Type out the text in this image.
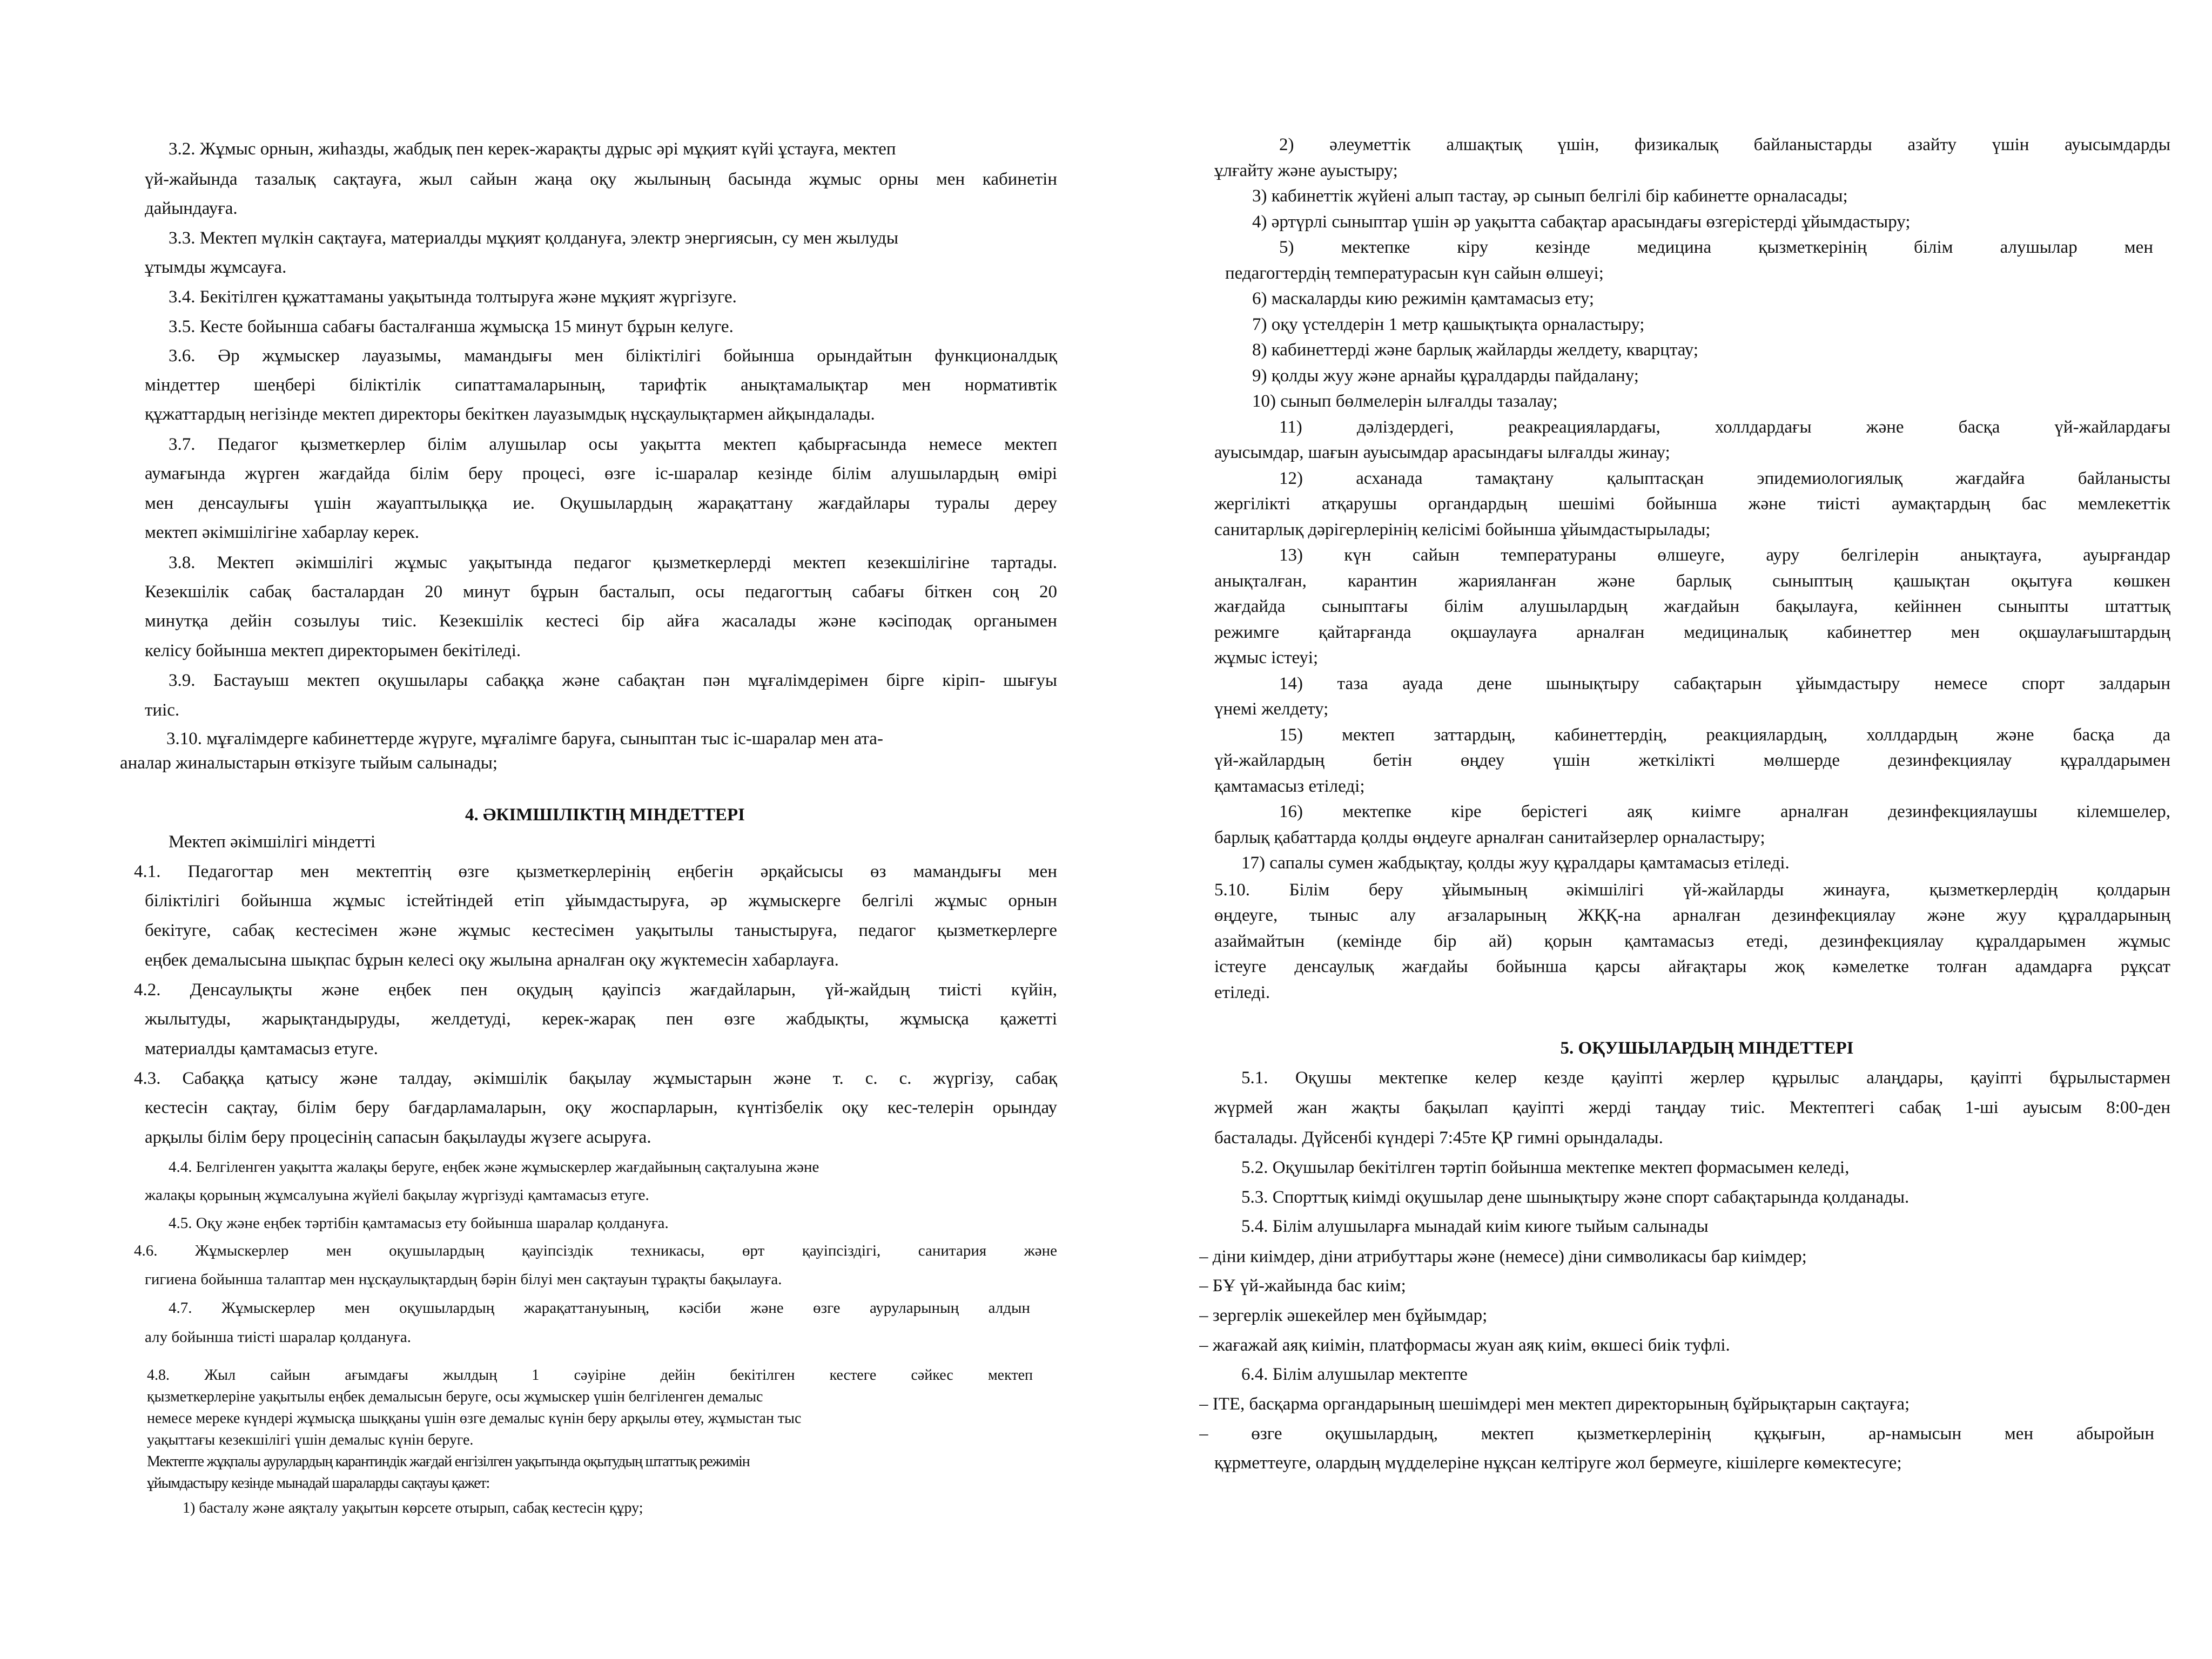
3.2. Жұмыс орнын, жиһазды, жабдық пен керек-жарақты дұрыс әрі мұқият күйі ұстауға, мектеп
үй-жайында тазалық сақтауға, жыл сайын жаңа оқу жылының басында жұмыс орны мен кабинетін
дайындауға.
3.3. Мектеп мүлкін сақтауға, материалды мұқият қолдануға, электр энергиясын, су мен жылуды
ұтымды жұмсауға.
3.4. Бекітілген құжаттаманы уақытында толтыруға және мұқият жүргізуге.
3.5. Кесте бойынша сабағы басталғанша жұмысқа 15 минут бұрын келуге.
3.6. Әр жұмыскер лауазымы, мамандығы мен біліктілігі бойынша орындайтын функционалдық
міндеттер шеңбері біліктілік сипаттамаларының, тарифтік анықтамалықтар мен нормативтік
құжаттардың негізінде мектеп директоры бекіткен лауазымдық нұсқаулықтармен айқындалады.
3.7. Педагог қызметкерлер білім алушылар осы уақытта мектеп қабырғасында немесе мектеп
аумағында жүрген жағдайда білім беру процесі, өзге іс-шаралар кезінде білім алушылардың өмірі
мен денсаулығы үшін жауаптылыққа ие. Оқушылардың жарақаттану жағдайлары туралы дереу
мектеп әкімшілігіне хабарлау керек.
3.8. Мектеп әкімшілігі жұмыс уақытында педагог қызметкерлерді мектеп кезекшілігіне тартады.
Кезекшілік сабақ басталардан 20 минут бұрын басталып, осы педагогтың сабағы біткен соң 20
минутқа дейін созылуы тиіс. Кезекшілік кестесі бір айға жасалады және кәсіподақ органымен
келісу бойынша мектеп директорымен бекітіледі.
3.9. Бастауыш мектеп оқушылары сабаққа және сабақтан пән мұғалімдерімен бірге кіріп- шығуы
тиіс.
3.10. мұғалімдерге кабинеттерде жүруге, мұғалімге баруға, сыныптан тыс іс-шаралар мен ата-
аналар жиналыстарын өткізуге тыйым салынады;
4. ӘКІМШІЛІКТІҢ МІНДЕТТЕРІ
Мектеп әкімшілігі міндетті
4.1. Педагогтар мен мектептің өзге қызметкерлерінің еңбегін әрқайсысы өз мамандығы мен
біліктілігі бойынша жұмыс істейтіндей етіп ұйымдастыруға, әр жұмыскерге белгілі жұмыс орнын
бекітуге, сабақ кестесімен және жұмыс кестесімен уақытылы таныстыруға, педагог қызметкерлерге
еңбек демалысына шықпас бұрын келесі оқу жылына арналған оқу жүктемесін хабарлауға.
4.2. Денсаулықты және еңбек пен оқудың қауіпсіз жағдайларын, үй-жайдың тиісті күйін,
жылытуды, жарықтандыруды, желдетуді, керек-жарақ пен өзге жабдықты, жұмысқа қажетті
материалды қамтамасыз етуге.
4.3. Сабаққа қатысу және талдау, әкімшілік бақылау жұмыстарын және т. с. с. жүргізу, сабақ
кестесін сақтау, білім беру бағдарламаларын, оқу жоспарларын, күнтізбелік оқу кес-телерін орындау
арқылы білім беру процесінің сапасын бақылауды жүзеге асыруға.
4.4. Белгіленген уақытта жалақы беруге, еңбек және жұмыскерлер жағдайының сақталуына және
жалақы қорының жұмсалуына жүйелі бақылау жүргізуді қамтамасыз етуге.
4.5. Оқу және еңбек тәртібін қамтамасыз ету бойынша шаралар қолдануға.
4.6. Жұмыскерлер мен оқушылардың қауіпсіздік техникасы, өрт қауіпсіздігі, санитария және
гигиена бойынша талаптар мен нұсқаулықтардың бәрін білуі мен сақтауын тұрақты бақылауға.
4.7. Жұмыскерлер мен оқушылардың жарақаттануының, кәсіби және өзге ауруларының алдын
алу бойынша тиісті шаралар қолдануға.
4.8. Жыл сайын ағымдағы жылдың 1 сәуіріне дейін бекітілген кестеге сәйкес мектеп
қызметкерлеріне уақытылы еңбек демалысын беруге, осы жұмыскер үшін белгіленген демалыс
немесе мереке күндері жұмысқа шыққаны үшін өзге демалыс күнін беру арқылы өтеу, жұмыстан тыс
уақыттағы кезекшілігі үшін демалыс күнін беруге.
Мектепте жұқпалы аурулардың карантиндік жағдай енгізілген уақытында оқытудың штаттық режимін
ұйымдастыру кезінде мынадай шараларды сақтауы қажет:
1) басталу және аяқталу уақытын көрсете отырып, сабақ кестесін құру;
2) әлеуметтік алшақтық үшін, физикалық байланыстарды азайту үшін ауысымдарды
ұлғайту және ауыстыру;
3) кабинеттік жүйені алып тастау, әр сынып белгілі бір кабинетте орналасады;
4) әртүрлі сыныптар үшін әр уақытта сабақтар арасындағы өзгерістерді ұйымдастыру;
5) мектепке кіру кезінде медицина қызметкерінің білім алушылар мен
педагогтердің температурасын күн сайын өлшеуі;
6) маскаларды кию режимін қамтамасыз ету;
7) оқу үстелдерін 1 метр қашықтықта орналастыру;
8) кабинеттерді және барлық жайларды желдету, кварцтау;
9) қолды жуу және арнайы құралдарды пайдалану;
10) сынып бөлмелерін ылғалды тазалау;
11) дәліздердегі, реакреациялардағы, холлдардағы және басқа үй-жайлардағы
ауысымдар, шағын ауысымдар арасындағы ылғалды жинау;
12) асханада тамақтану қалыптасқан эпидемиологиялық жағдайға байланысты
жергілікті атқарушы органдардың шешімі бойынша және тиісті аумақтардың бас мемлекеттік
санитарлық дәрігерлерінің келісімі бойынша ұйымдастырылады;
13) күн сайын температураны өлшеуге, ауру белгілерін анықтауға, ауырғандар
анықталған, карантин жарияланған және барлық сыныптың қашықтан оқытуға көшкен
жағдайда сыныптағы білім алушылардың жағдайын бақылауға, кейіннен сыныпты штаттық
режимге қайтарғанда оқшаулауға арналған медициналық кабинеттер мен оқшаулағыштардың
жұмыс істеуі;
14) таза ауада дене шынықтыру сабақтарын ұйымдастыру немесе спорт залдарын
үнемі желдету;
15) мектеп заттардың, кабинеттердің, реакциялардың, холлдардың және басқа да
үй-жайлардың бетін өңдеу үшін жеткілікті мөлшерде дезинфекциялау құралдарымен
қамтамасыз етіледі;
16) мектепке кіре берістегі аяқ киімге арналған дезинфекциялаушы кілемшелер,
барлық қабаттарда қолды өңдеуге арналған санитайзерлер орналастыру;
17) сапалы сумен жабдықтау, қолды жуу құралдары қамтамасыз етіледі.
5.10. Білім беру ұйымының әкімшілігі үй-жайларды жинауға, қызметкерлердің қолдарын
өңдеуге, тыныс алу ағзаларының ЖҚҚ-на арналған дезинфекциялау және жуу құралдарының
азаймайтын (кемінде бір ай) қорын қамтамасыз етеді, дезинфекциялау құралдарымен жұмыс
істеуге денсаулық жағдайы бойынша қарсы айғақтары жоқ кәмелетке толған адамдарға рұқсат
етіледі.
5. ОҚУШЫЛАРДЫҢ МІНДЕТТЕРІ
5.1. Оқушы мектепке келер кезде қауіпті жерлер құрылыс алаңдары, қауіпті бұрылыстармен
жүрмей жан жақты бақылап қауіпті жерді таңдау тиіс. Мектептегі сабақ 1-ші ауысым 8:00-ден
басталады. Дүйсенбі күндері 7:45те ҚР гимні орындалады.
5.2. Оқушылар бекітілген тәртіп бойынша мектепке мектеп формасымен келеді,
5.3. Спорттық киімді оқушылар дене шынықтыру және спорт сабақтарында қолданады.
5.4. Білім алушыларға мынадай киім киюге тыйым салынады
– діни киімдер, діни атрибуттары және (немесе) діни символикасы бар киімдер;
– БҰ үй-жайында бас киім;
– зергерлік әшекейлер мен бұйымдар;
– жағажай аяқ киімін, платформасы жуан аяқ киім, өкшесі биік туфлі.
6.4. Білім алушылар мектепте
– ITE, басқарма органдарының шешімдері мен мектеп директорының бұйрықтарын сақтауға;
– өзге оқушылардың, мектеп қызметкерлерінің құқығын, ар-намысын мен абыройын
құрметтеуге, олардың мүдделеріне нұқсан келтіруге жол бермеуге, кішілерге көмектесуге;
